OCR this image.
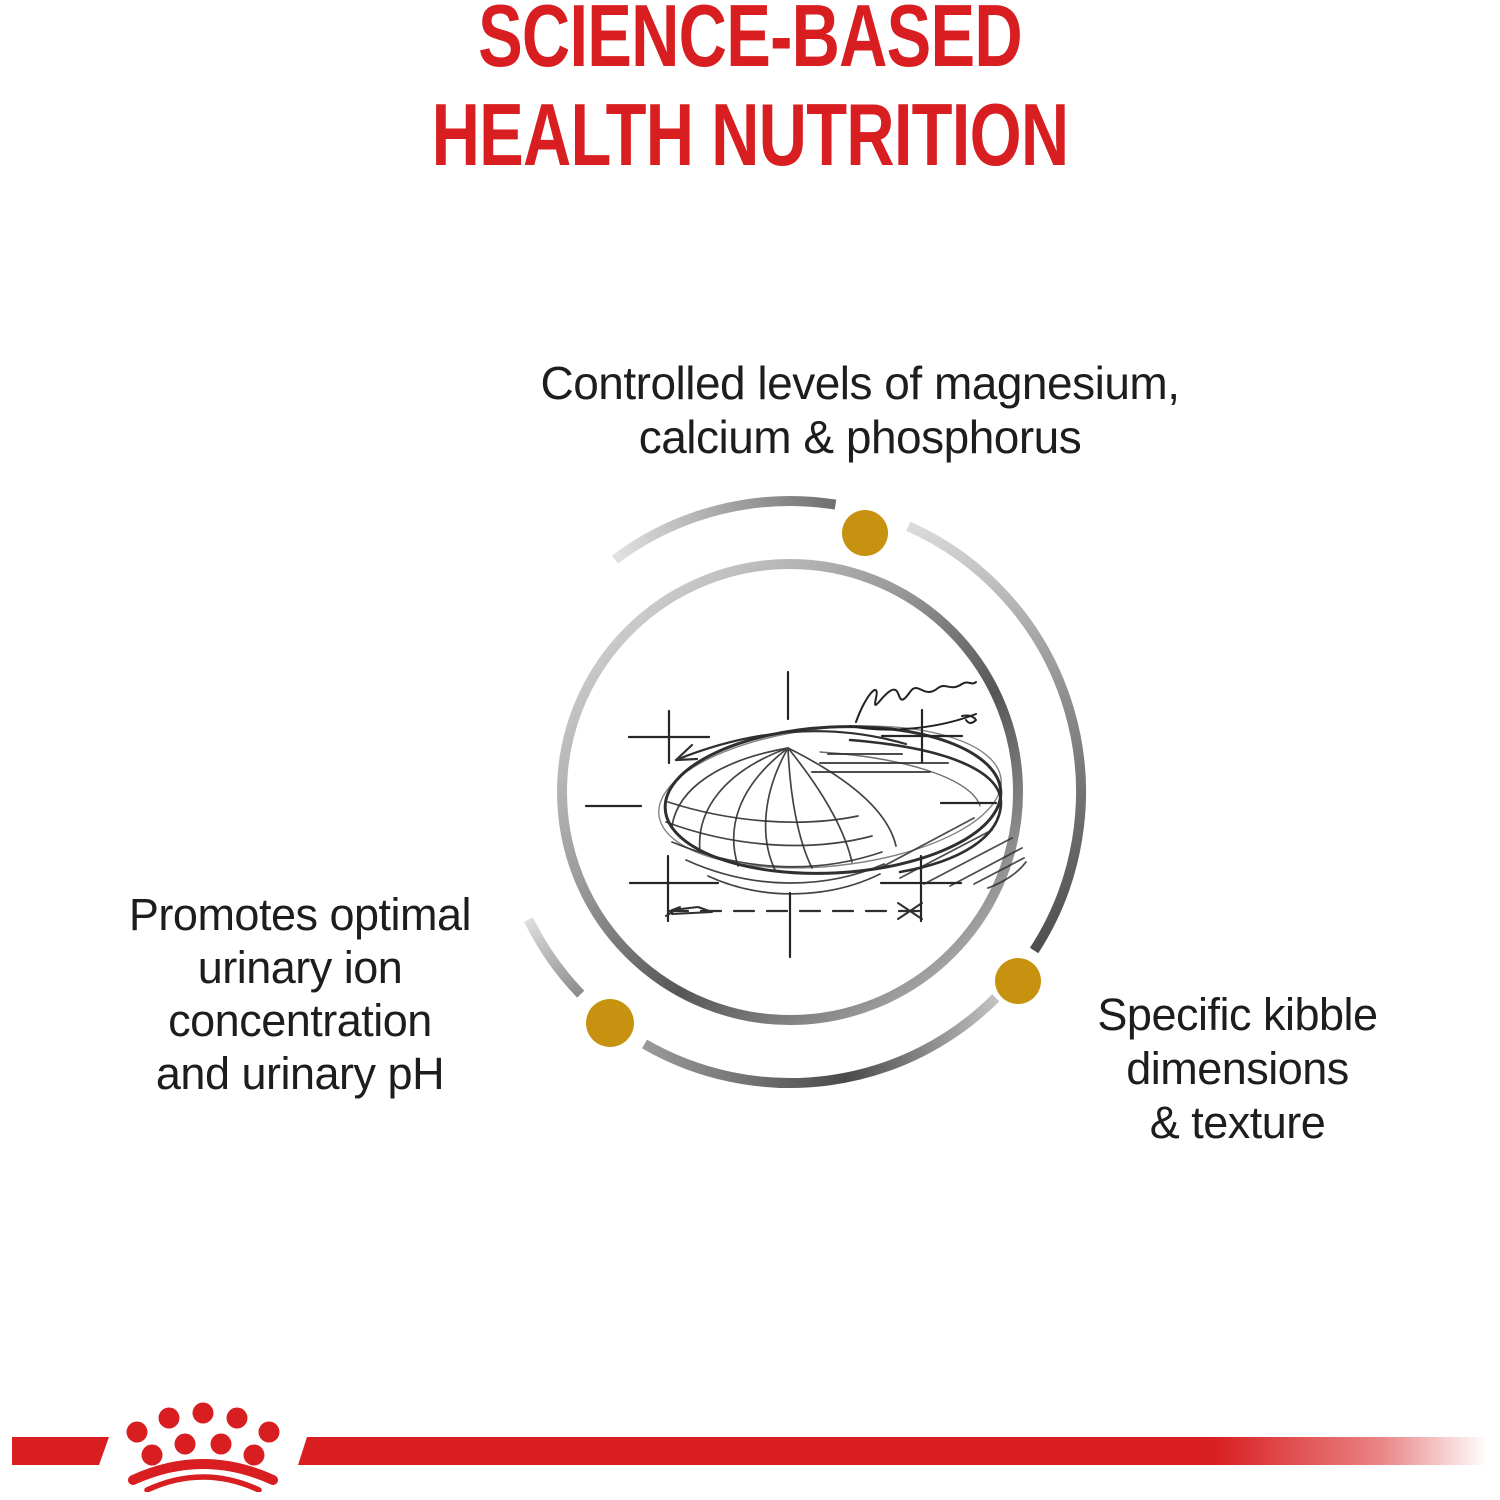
SCIENCE-BASED
HEALTH NUTRITION
Controlled levels of magnesium,
calcium & phosphorus
Promotes optimal
urinary ion
concentration
and urinary pH
Specific kibble
dimensions
& texture
